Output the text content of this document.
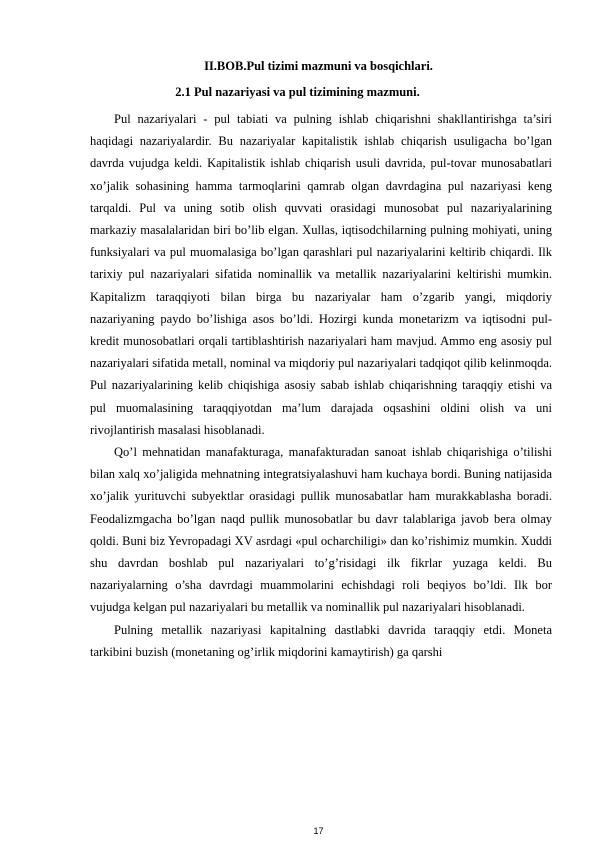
II.BOB.Pul tizimi mazmuni va bosqichlari.
2.1 Pul nazariyasi va pul tizimining mazmuni.

Pul nazariyalari - pul tabiati va pulning ishlab chiqarishni shakllantirishga ta’siri haqidagi nazariyalardir. Bu nazariyalar kapitalistik ishlab chiqarish usuligacha bo’lgan davrda vujudga keldi. Kapitalistik ishlab chiqarish usuli davrida, pul-tovar munosabatlari xo’jalik sohasining hamma tarmoqlarini qamrab olgan davrdagina pul nazariyasi keng tarqaldi. Pul va uning sotib olish quvvati orasidagi munosobat pul nazariyalarining markaziy masalalaridan biri bo’lib elgan. Xullas, iqtisodchilarning pulning mohiyati, uning funksiyalari va pul muomalasiga bo’lgan qarashlari pul nazariyalarini keltirib chiqardi. Ilk tarixiy pul nazariyalari sifatida nominallik va metallik nazariyalarini keltirishi mumkin. Kapitalizm taraqqiyoti bilan birga bu nazariyalar ham o’zgarib yangi, miqdoriy nazariyaning paydo bo’lishiga asos bo’ldi. Hozirgi kunda monetarizm va iqtisodni pul-kredit munosobatlari orqali tartiblashtirish nazariyalari ham mavjud. Ammo eng asosiy pul nazariyalari sifatida metall, nominal va miqdoriy pul nazariyalari tadqiqot qilib kelinmoqda. Pul nazariyalarining kelib chiqishiga asosiy sabab ishlab chiqarishning taraqqiy etishi va pul muomalasining taraqqiyotdan ma’lum darajada oqsashini oldini olish va uni rivojlantirish masalasi hisoblanadi.

Qo’l mehnatidan manafakturaga, manafakturadan sanoat ishlab chiqarishiga o’tilishi bilan xalq xo’jaligida mehnatning integratsiyalashuvi ham kuchaya bordi. Buning natijasida xo’jalik yurituvchi subyektlar orasidagi pullik munosabatlar ham murakkablasha boradi. Feodalizmgacha bo’lgan naqd pullik munosobatlar bu davr talablariga javob bera olmay qoldi. Buni biz Yevropadagi XV asrdagi «pul ocharchiligi» dan ko’rishimiz mumkin. Xuddi shu davrdan boshlab pul nazariyalari to’g’risidagi ilk fikrlar yuzaga keldi. Bu nazariyalarning o’sha davrdagi muammolarini echishdagi roli beqiyos bo’ldi. Ilk bor vujudga kelgan pul nazariyalari bu metallik va nominallik pul nazariyalari hisoblanadi.

Pulning metallik nazariyasi kapitalning dastlabki davrida taraqqiy etdi. Moneta tarkibini buzish (monetaning og’irlik miqdorini kamaytirish) ga qarshi

17
